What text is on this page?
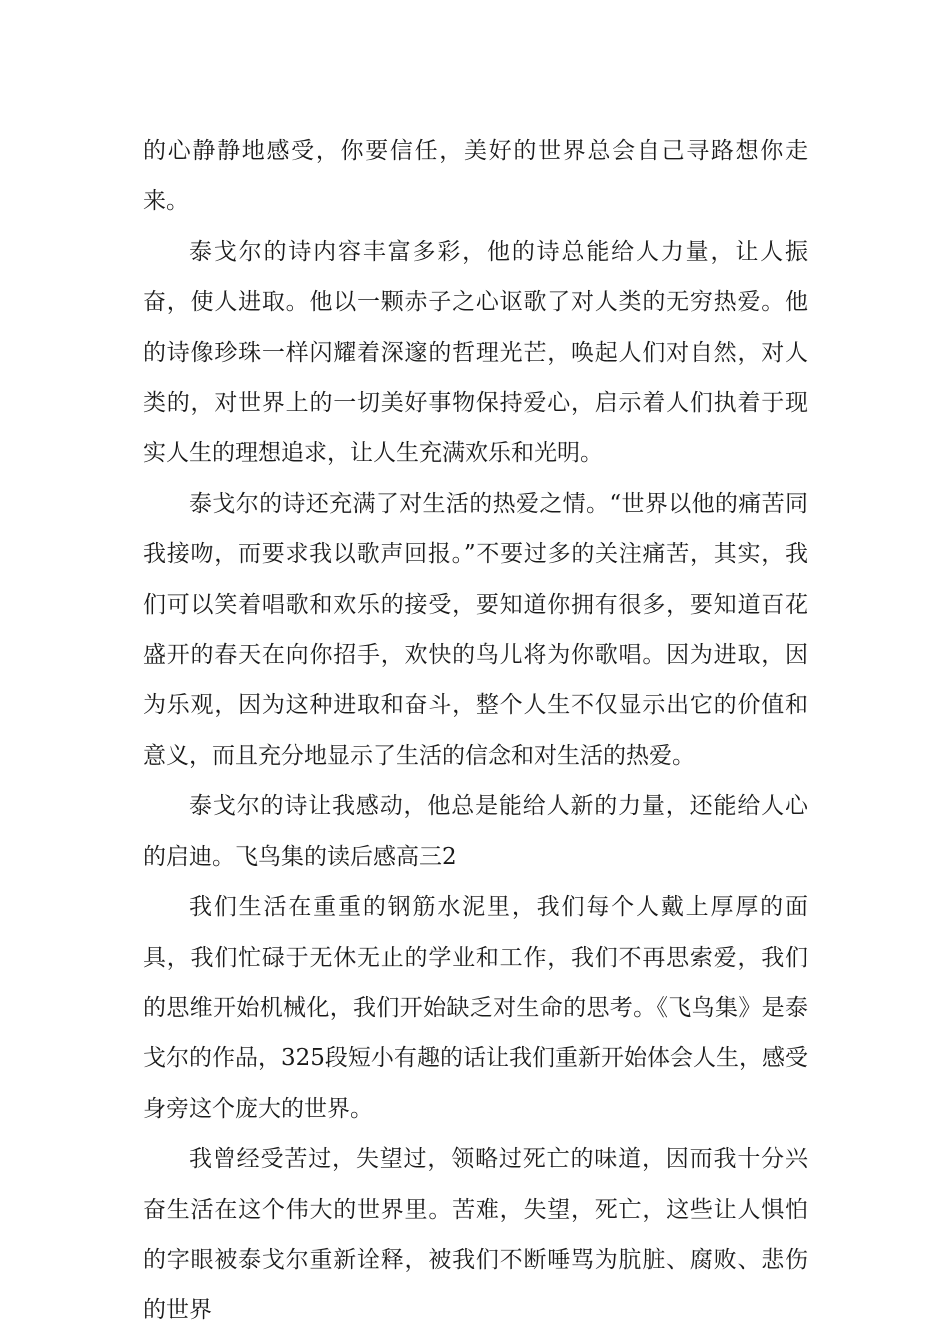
的心静静地感受，你要信任，美好的世界总会自己寻路想你走来。

泰戈尔的诗内容丰富多彩，他的诗总能给人力量，让人振奋，使人进取。他以一颗赤子之心讴歌了对人类的无穷热爱。他的诗像珍珠一样闪耀着深邃的哲理光芒，唤起人们对自然，对人类的，对世界上的一切美好事物保持爱心，启示着人们执着于现实人生的理想追求，让人生充满欢乐和光明。

泰戈尔的诗还充满了对生活的热爱之情。“世界以他的痛苦同我接吻，而要求我以歌声回报。”不要过多的关注痛苦，其实，我们可以笑着唱歌和欢乐的接受，要知道你拥有很多，要知道百花盛开的春天在向你招手，欢快的鸟儿将为你歌唱。因为进取，因为乐观，因为这种进取和奋斗，整个人生不仅显示出它的价值和意义，而且充分地显示了生活的信念和对生活的热爱。

泰戈尔的诗让我感动，他总是能给人新的力量，还能给人心的启迪。飞鸟集的读后感高三2

我们生活在重重的钢筋水泥里，我们每个人戴上厚厚的面具，我们忙碌于无休无止的学业和工作，我们不再思索爱，我们的思维开始机械化，我们开始缺乏对生命的思考。《飞鸟集》是泰戈尔的作品，325段短小有趣的话让我们重新开始体会人生，感受身旁这个庞大的世界。

我曾经受苦过，失望过，领略过死亡的味道，因而我十分兴奋生活在这个伟大的世界里。苦难，失望，死亡，这些让人惧怕的字眼被泰戈尔重新诠释，被我们不断唾骂为肮脏、腐败、悲伤的世界
